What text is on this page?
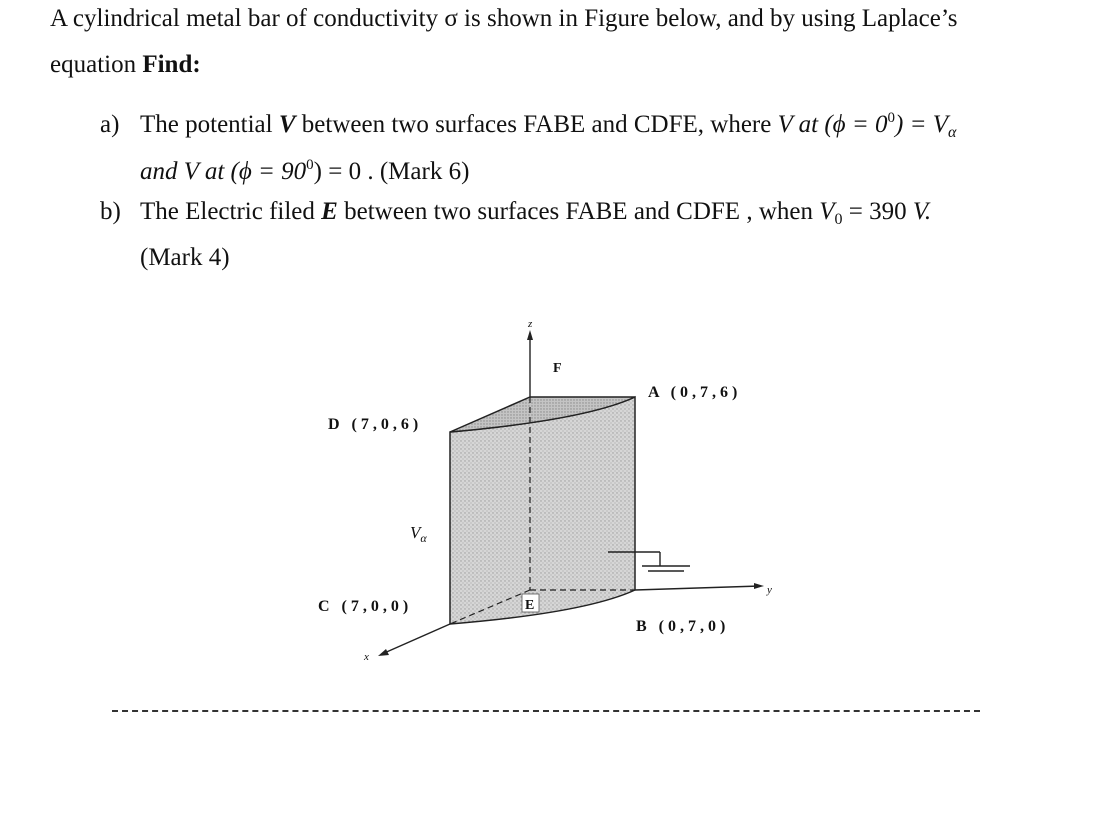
A cylindrical metal bar of conductivity σ is shown in Figure below, and by using Laplace’s
equation Find:
a) The potential V between two surfaces FABE and CDFE, where V at $(\phi = 0^0) = V_\alpha$
and V at $(\phi = 90^0) = 0$ . (Mark 6)
b) The Electric filed E between two surfaces FABE and CDFE , when $V_0 = 390$ V.
(Mark 4)
z
y
x
F
E
A (0,7,6)
B (0,7,0)
C (7,0,0)
D (7,0,6)
$V_\alpha$
